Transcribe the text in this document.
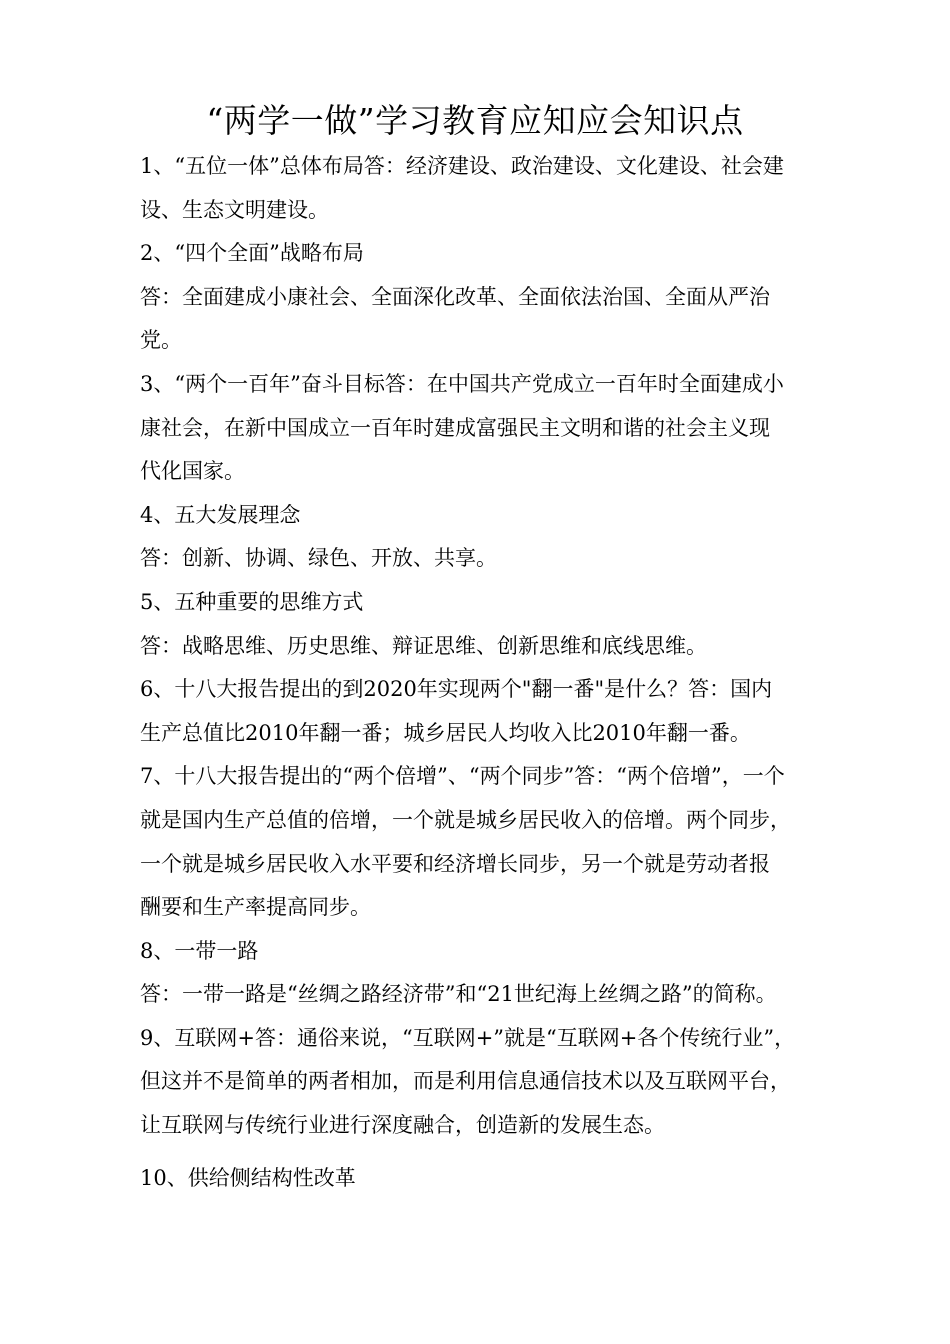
“两学一做”学习教育应知应会知识点
1、“五位一体”总体布局答：经济建设、政治建设、文化建设、社会建
设、生态文明建设。
2、“四个全面”战略布局
答：全面建成小康社会、全面深化改革、全面依法治国、全面从严治
党。
3、“两个一百年”奋斗目标答：在中国共产党成立一百年时全面建成小
康社会，在新中国成立一百年时建成富强民主文明和谐的社会主义现
代化国家。
4、五大发展理念
答：创新、协调、绿色、开放、共享。
5、五种重要的思维方式
答：战略思维、历史思维、辩证思维、创新思维和底线思维。
6、十八大报告提出的到2020年实现两个"翻一番"是什么？答：国内
生产总值比2010年翻一番；城乡居民人均收入比2010年翻一番。
7、十八大报告提出的“两个倍增”、“两个同步”答：“两个倍增”，一个
就是国内生产总值的倍增，一个就是城乡居民收入的倍增。两个同步，
一个就是城乡居民收入水平要和经济增长同步，另一个就是劳动者报
酬要和生产率提高同步。
8、一带一路
答：一带一路是“丝绸之路经济带”和“21世纪海上丝绸之路”的简称。
9、互联网+答：通俗来说，“互联网+”就是“互联网+各个传统行业”，
但这并不是简单的两者相加，而是利用信息通信技术以及互联网平台，
让互联网与传统行业进行深度融合，创造新的发展生态。
10、供给侧结构性改革
